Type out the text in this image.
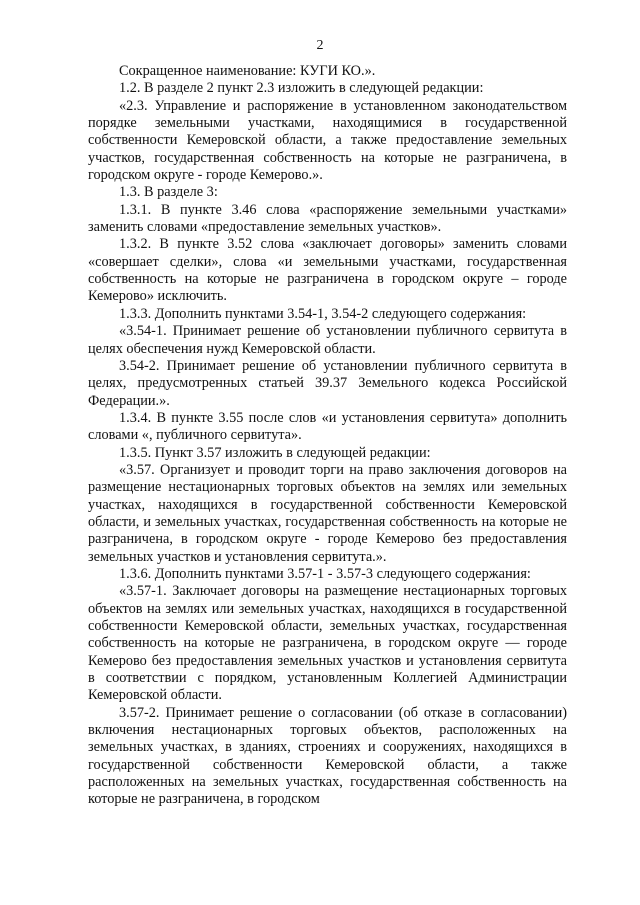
2

Сокращенное наименование: КУГИ КО.».

1.2. В разделе 2 пункт 2.3 изложить в следующей редакции:

«2.3. Управление и распоряжение в установленном законодательством порядке земельными участками, находящимися в государственной собственности Кемеровской области, а также предоставление земельных участков, государственная собственность на которые не разграничена, в городском округе - городе Кемерово.».

1.3. В разделе 3:

1.3.1. В пункте 3.46 слова «распоряжение земельными участками» заменить словами «предоставление земельных участков».

1.3.2. В пункте 3.52 слова «заключает договоры» заменить словами «совершает сделки», слова «и земельными участками, государственная собственность на которые не разграничена в городском округе – городе Кемерово» исключить.

1.3.3. Дополнить пунктами 3.54-1, 3.54-2 следующего содержания:

«3.54-1. Принимает решение об установлении публичного сервитута в целях обеспечения нужд Кемеровской области.

3.54-2. Принимает решение об установлении публичного сервитута в целях, предусмотренных статьей 39.37 Земельного кодекса Российской Федерации.».

1.3.4. В пункте 3.55 после слов «и установления сервитута» дополнить словами «, публичного сервитута».

1.3.5. Пункт 3.57 изложить в следующей редакции:

«3.57. Организует и проводит торги на право заключения договоров на размещение нестационарных торговых объектов на землях или земельных участках, находящихся в государственной собственности Кемеровской области, и земельных участках, государственная собственность на которые не разграничена, в городском округе - городе Кемерово без предоставления земельных участков и установления сервитута.».

1.3.6. Дополнить пунктами 3.57-1 - 3.57-3 следующего содержания:

«3.57-1. Заключает договоры на размещение нестационарных торговых объектов на землях или земельных участках, находящихся в государственной собственности Кемеровской области, земельных участках, государственная собственность на которые не разграничена, в городском округе — городе Кемерово без предоставления земельных участков и установления сервитута в соответствии с порядком, установленным Коллегией Администрации Кемеровской области.

3.57-2. Принимает решение о согласовании (об отказе в согласовании) включения нестационарных торговых объектов, расположенных на земельных участках, в зданиях, строениях и сооружениях, находящихся в государственной собственности Кемеровской области, а также расположенных на земельных участках, государственная собственность на которые не разграничена, в городском
